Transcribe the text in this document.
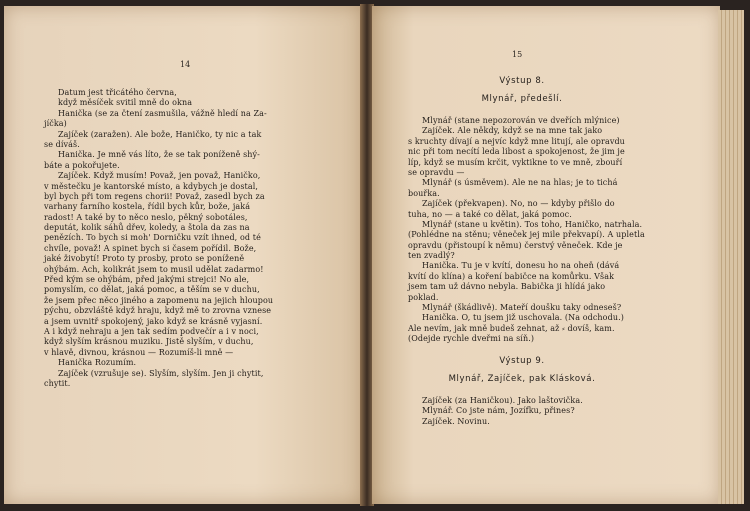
14
Datum jest třicátého června,
když měsíček svitil mně do okna
Hanička (se za čtení zasmušila, vážně hledí na Za-
jíčka)
Zajíček (zaražen). Ale bože, Haničko, ty nic a tak
se díváš.
Hanička. Je mně vás líto, že se tak poníženě shý-
báte a pokořujete.
Zajíček. Když musím! Považ, jen považ, Haničko,
v městečku je kantorské místo, a kdybych je dostal,
byl bych při tom regens chorii! Považ, zasedl bych za
varhany farního kostela, řídil bych kůr, bože, jaká
radost! A také by to něco neslo, pěkný sobotáles,
deputát, kolik sáhů dřev, koledy, a štola da zas na
penězích. To bych si moh' Dorničku vzít ihned, od té
chvíle, považ! A spinet bych si časem pořídil. Bože,
jaké živobytí! Proto ty prosby, proto se poníženě
ohýbám. Ach, kolikrát jsem to musil udělat zadarmo!
Před kým se ohýbám, před jakými strejci! No ale,
pomyslím, co dělat, jaká pomoc, a těším se v duchu,
že jsem přec něco jiného a zapomenu na jejich hloupou
pýchu, obzvláště když hraju, když mě to zrovna vznese
a jsem uvnitř spokojený, jako když se krásně vyjasní.
A i když nehraju a jen tak sedím podvečír a i v noci,
když slyším krásnou muziku. Jistě slyším, v duchu,
v hlavě, divnou, krásnou — Rozumíš-li mně —
Hanička Rozumím.
Zajíček (vzrušuje se). Slyším, slyším. Jen ji chytit,
chytit.
15
Výstup 8.
Mlynář, předešlí.
Mlynář (stane nepozorován ve dveřích mlýnice)
Zajíček. Ale někdy, když se na mne tak jako
s kruchty dívají a nejvíc když mne litují, ale opravdu
nic při tom necítí leda libost a spokojenost, že jim je
líp, když se musím krčit, vyktikne to ve mně, zbouří
se opravdu —
Mlynář (s úsměvem). Ale ne na hlas; je to tichá
bouřka.
Zajíček (překvapen). No, no — kdyby přišlo do
tuha, no — a také co dělat, jaká pomoc.
Mlynář (stane u květin). Tos toho, Haničko, natrhala.
(Pohlédne na stěnu; věneček jej mile překvapí). A upletla
opravdu (přistoupí k němu) čerstvý věneček. Kde je
ten zvadlý?
Hanička. Tu je v kvítí, donesu ho na oheň (dává
kvítí do klína) a koření babičce na komůrku. Však
jsem tam už dávno nebyla. Babička ji hlídá jako
poklad.
Mlynář (škádlivě). Mateří doušku taky odneseš?
Hanička. O, tu jsem již uschovala. (Na odchodu.)
Ale nevím, jak mně budeš zehnat, až ⸗ dovíš, kam.
(Odejde rychle dveřmi na síň.)
Výstup 9.
Mlynář, Zajíček, pak Klásková.
Zajíček (za Haničkou). Jako laštovička.
Mlynář. Co jste nám, Jozífku, přines?
Zajíček. Novinu.
